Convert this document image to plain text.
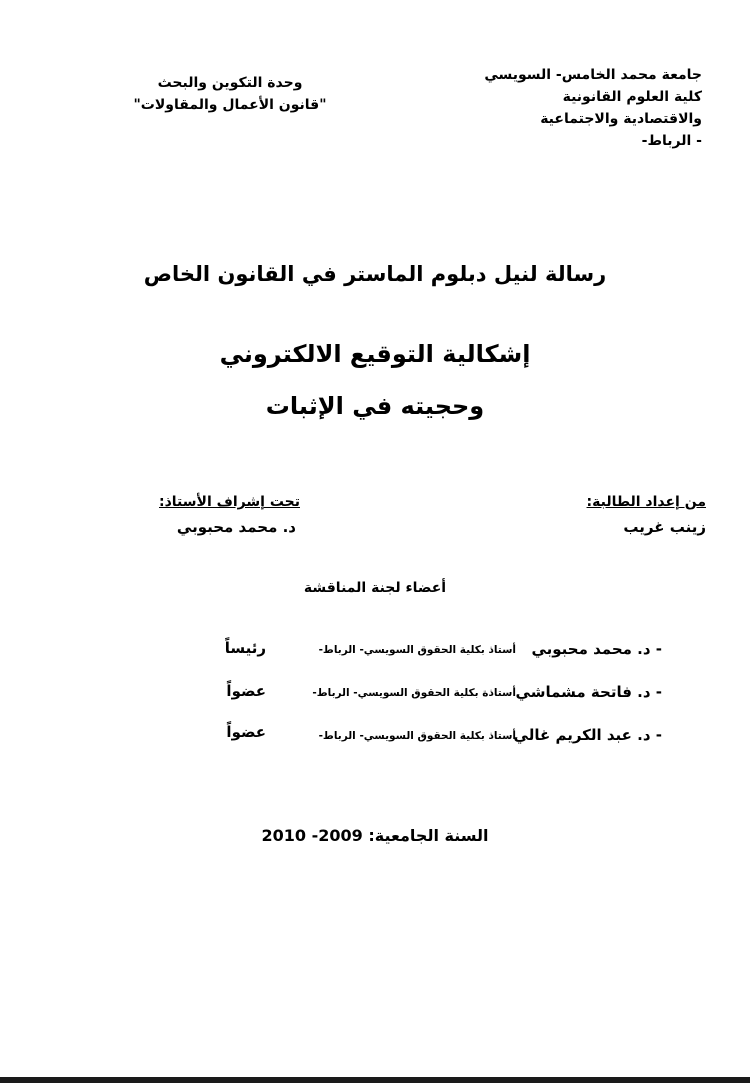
جامعة محمد الخامس- السويسي
كلية العلوم القانونية
والاقتصادية والاجتماعية
- الرباط-
وحدة التكوين والبحث
"قانون الأعمال والمقاولات"
رسالة لنيل دبلوم الماستر في القانون الخاص
إشكالية التوقيع الالكتروني
وحجيته في الإثبات
من إعداد الطالبة:
زينب غريب
تحت إشراف الأستاذ:
د. محمد محبوبي
أعضاء لجنة المناقشة
- د. محمد محبوبي
أستاذ بكلية الحقوق السويسي- الرباط-
رئيساً
- د. فاتحة مشماشي
أستاذة بكلية الحقوق السويسي- الرباط-
عضواً
- د. عبد الكريم غالي
أستاذ بكلية الحقوق السويسي- الرباط-
عضواً
السنة الجامعية: 2009- 2010
